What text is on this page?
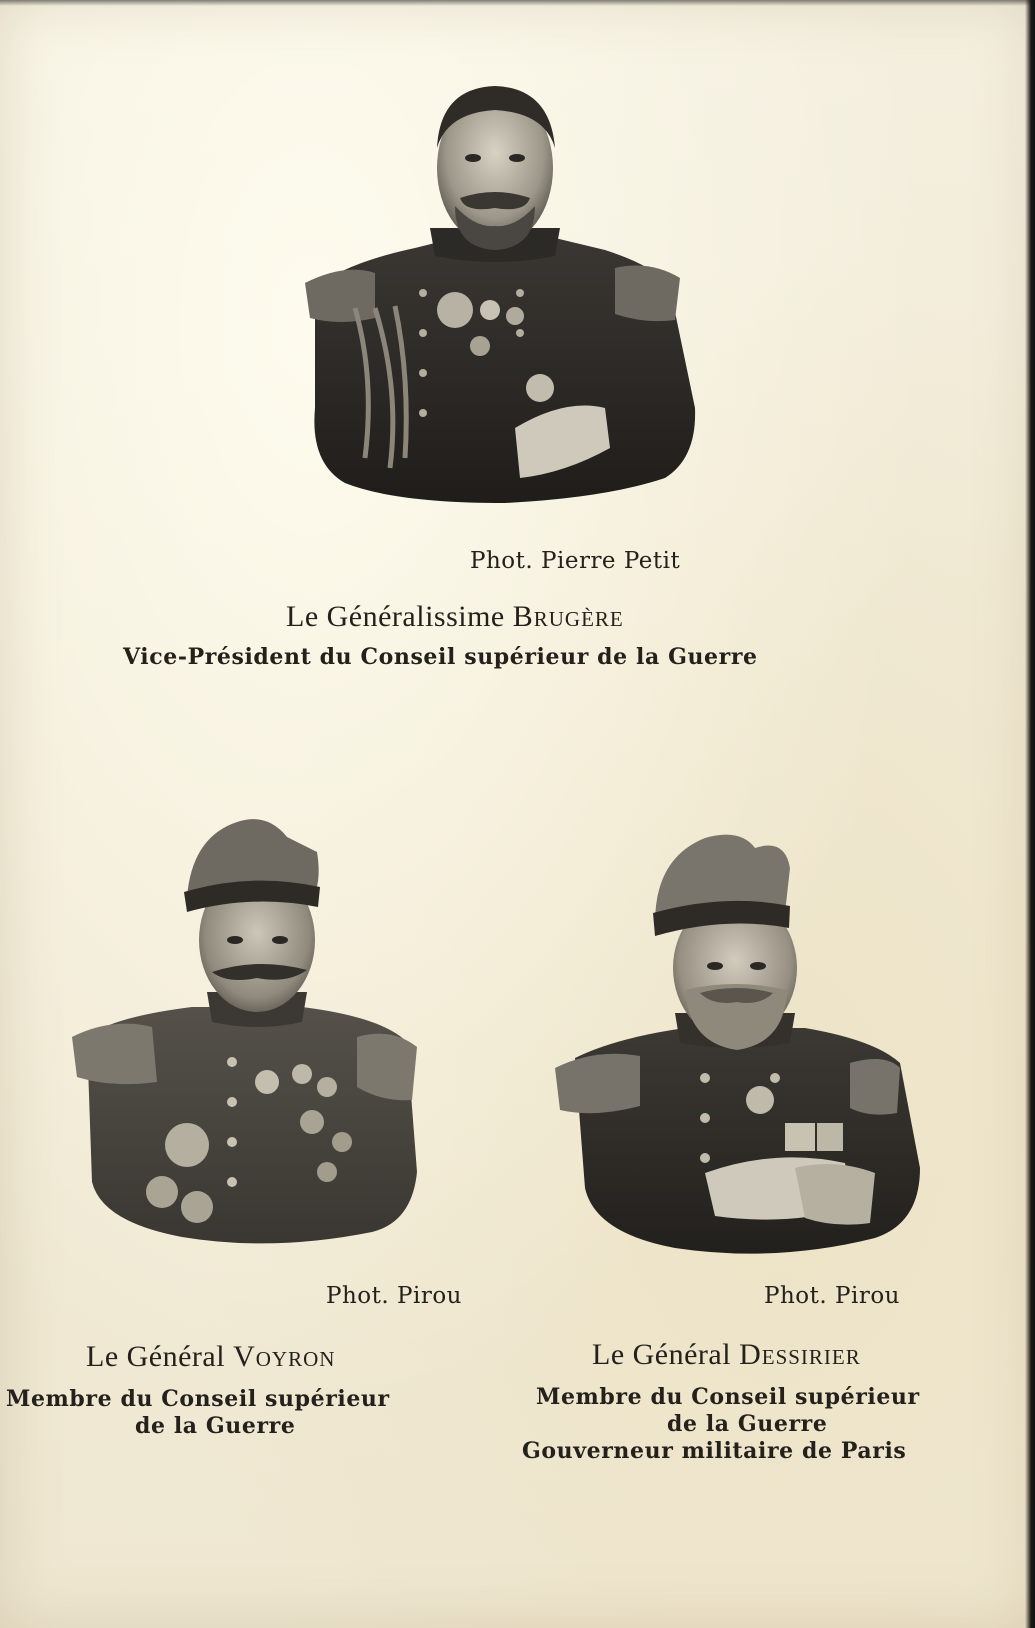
Phot. Pierre Petit
Le Généralissime Brugère
Vice-Président du Conseil supérieur de la Guerre
Phot. Pirou
Le Général Voyron
Membre du Conseil supérieur
de la Guerre
Phot. Pirou
Le Général Dessirier
Membre du Conseil supérieur
de la Guerre
Gouverneur militaire de Paris
